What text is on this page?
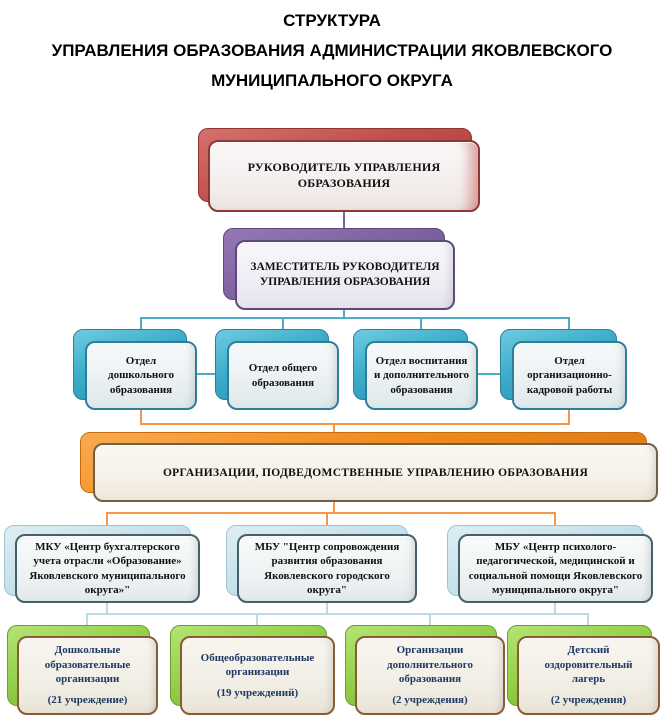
СТРУКТУРА
УПРАВЛЕНИЯ ОБРАЗОВАНИЯ АДМИНИСТРАЦИИ ЯКОВЛЕВСКОГО
МУНИЦИПАЛЬНОГО ОКРУГА
РУКОВОДИТЕЛЬ УПРАВЛЕНИЯ ОБРАЗОВАНИЯ
ЗАМЕСТИТЕЛЬ РУКОВОДИТЕЛЯ УПРАВЛЕНИЯ ОБРАЗОВАНИЯ
Отдел дошкольного образования
Отдел общего образования
Отдел воспитания и дополнительного образования
Отдел организационно-кадровой работы
ОРГАНИЗАЦИИ, ПОДВЕДОМСТВЕННЫЕ УПРАВЛЕНИЮ ОБРАЗОВАНИЯ
МКУ «Центр бухгалтерского учета отрасли «Образование» Яковлевского муниципального округа»"
МБУ "Центр сопровождения развития образования Яковлевского городского округа"
МБУ «Центр психолого-педагогической, медицинской и социальной помощи Яковлевского муниципального округа"
Дошкольные образовательные организации
(21 учреждение)
Общеобразовательные организации
(19 учреждений)
Организации дополнительного образования
(2 учреждения)
Детский оздоровительный лагерь
(2 учреждения)
